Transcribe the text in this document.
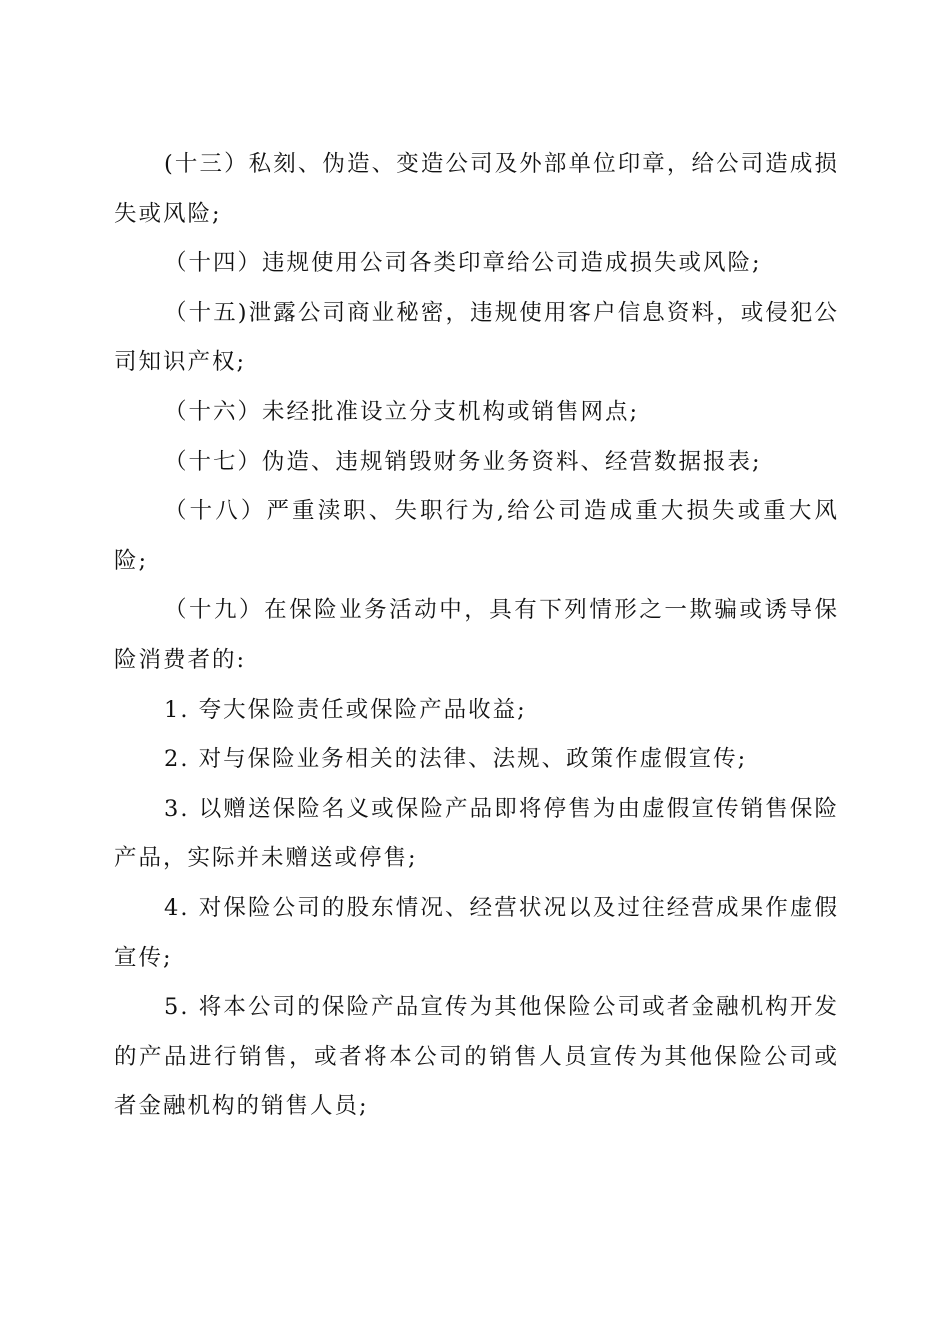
(十三）私刻、伪造、变造公司及外部单位印章，给公司造成损失或风险;

（十四）违规使用公司各类印章给公司造成损失或风险;

（十五)泄露公司商业秘密，违规使用客户信息资料，或侵犯公司知识产权;

（十六）未经批准设立分支机构或销售网点;

（十七）伪造、违规销毁财务业务资料、经营数据报表;

（十八）严重渎职、失职行为,给公司造成重大损失或重大风险;

（十九）在保险业务活动中，具有下列情形之一欺骗或诱导保险消费者的:

1. 夸大保险责任或保险产品收益;

2. 对与保险业务相关的法律、法规、政策作虚假宣传;

3. 以赠送保险名义或保险产品即将停售为由虚假宣传销售保险产品，实际并未赠送或停售;

4. 对保险公司的股东情况、经营状况以及过往经营成果作虚假宣传;

5. 将本公司的保险产品宣传为其他保险公司或者金融机构开发的产品进行销售，或者将本公司的销售人员宣传为其他保险公司或者金融机构的销售人员;
